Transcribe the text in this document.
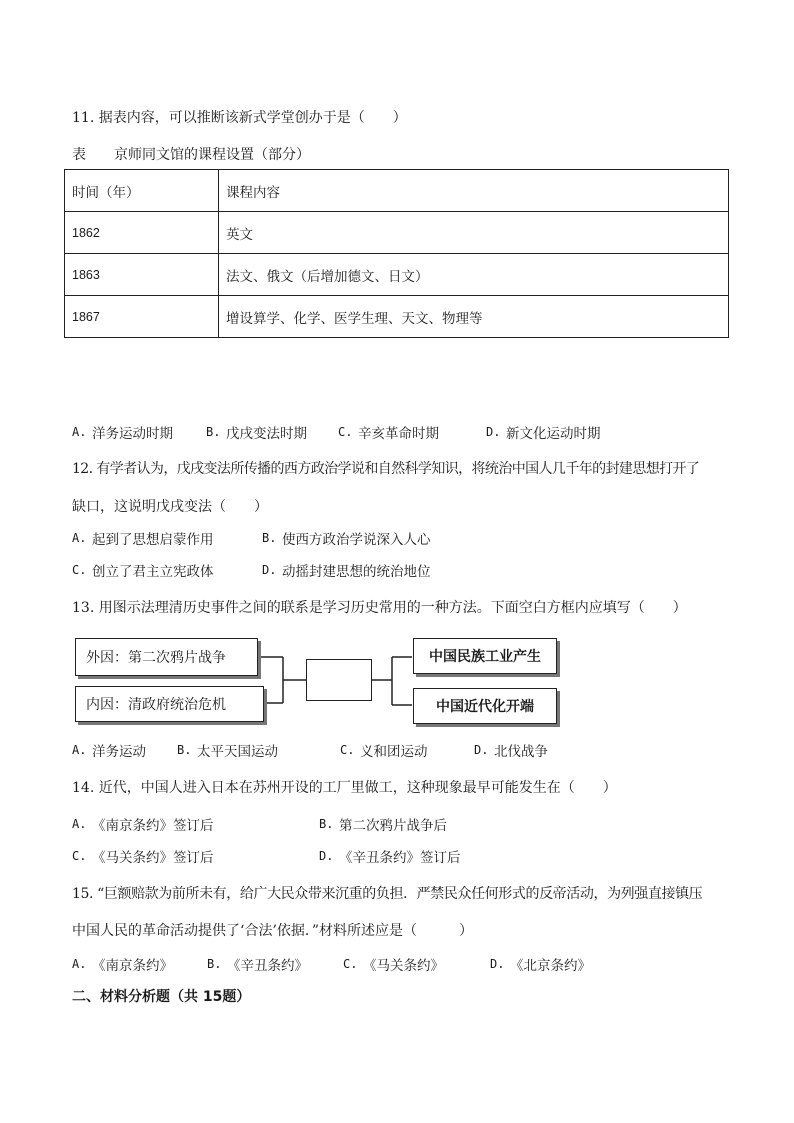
11. 据表内容，可以推断该新式学堂创办于是（　　）
表　　京师同文馆的课程设置（部分）
时间（年）	课程内容
1862	英文
1863	法文、俄文（后增加德文、日文）
1867	增设算学、化学、医学生理、天文、物理等
A. 洋务运动时期	B. 戊戌变法时期	C. 辛亥革命时期	D. 新文化运动时期
12. 有学者认为，戊戌变法所传播的西方政治学说和自然科学知识，将统治中国人几千年的封建思想打开了
缺口，这说明戊戌变法（　　）
A. 起到了思想启蒙作用	B. 使西方政治学说深入人心
C. 创立了君主立宪政体	D. 动摇封建思想的统治地位
13. 用图示法理清历史事件之间的联系是学习历史常用的一种方法。下面空白方框内应填写（　　）
外因：第二次鸦片战争
内因：清政府统治危机
中国民族工业产生
中国近代化开端
A. 洋务运动	B. 太平天国运动	C. 义和团运动	D. 北伐战争
14. 近代，中国人进入日本在苏州开设的工厂里做工，这种现象最早可能发生在（　　）
A. 《南京条约》签订后	B. 第二次鸦片战争后
C. 《马关条约》签订后	D. 《辛丑条约》签订后
15. “巨额赔款为前所未有，给广大民众带来沉重的负担．严禁民众任何形式的反帝活动，为列强直接镇压
中国人民的革命活动提供了‘合法’依据．”材料所述应是（　　　）
A. 《南京条约》	B. 《辛丑条约》	C. 《马关条约》	D. 《北京条约》
二、材料分析题（共 15题）
